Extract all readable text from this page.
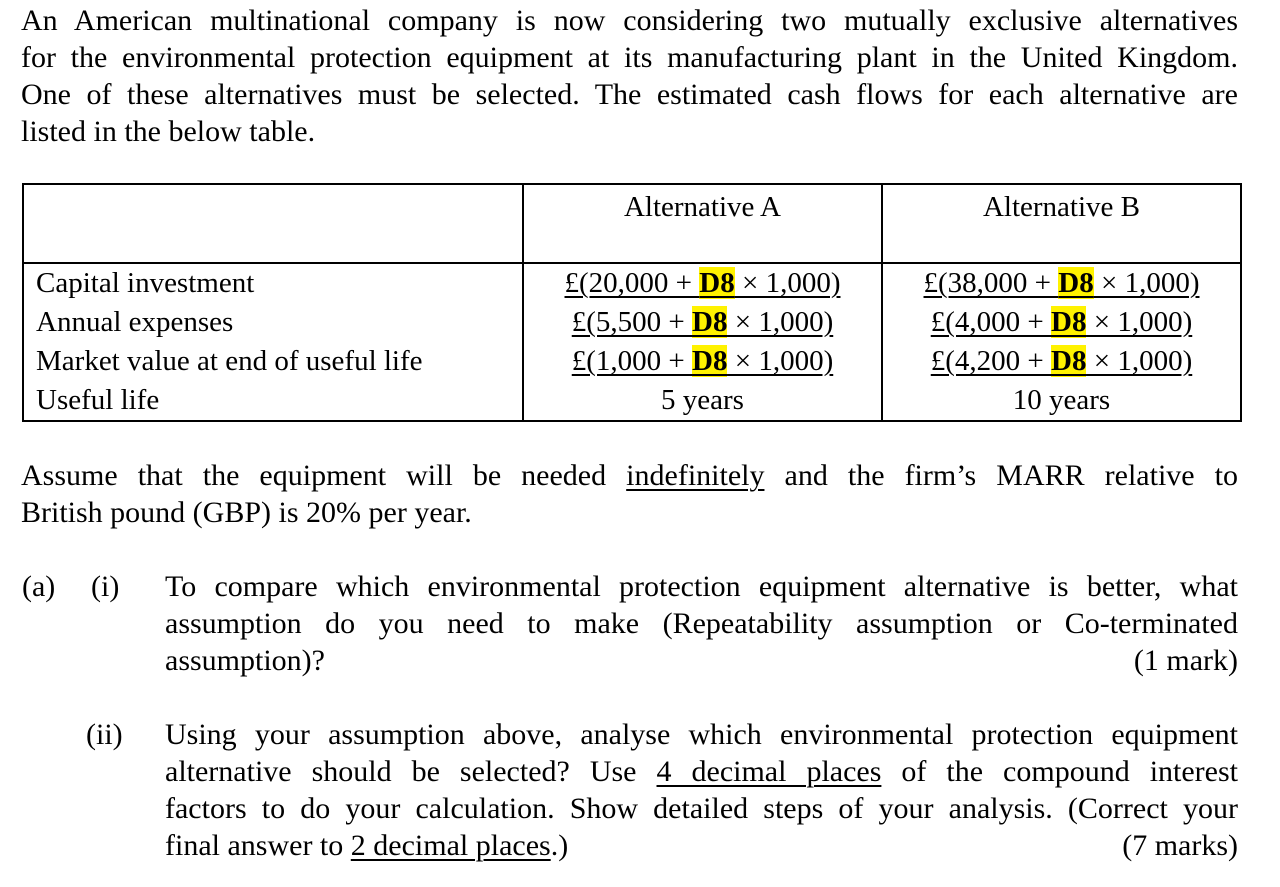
An American multinational company is now considering two mutually exclusive alternatives
for the environmental protection equipment at its manufacturing plant in the United Kingdom.
One of these alternatives must be selected. The estimated cash flows for each alternative are
listed in the below table.
	Alternative A	Alternative B
Capital investment	£(20,000 + D8 × 1,000)	£(38,000 + D8 × 1,000)
Annual expenses	£(5,500 + D8 × 1,000)	£(4,000 + D8 × 1,000)
Market value at end of useful life	£(1,000 + D8 × 1,000)	£(4,200 + D8 × 1,000)
Useful life	5 years	10 years
Assume that the equipment will be needed indefinitely and the firm’s MARR relative to
British pound (GBP) is 20% per year.
(a) (i) To compare which environmental protection equipment alternative is better, what
assumption do you need to make (Repeatability assumption or Co-terminated
assumption)?	(1 mark)
(ii) Using your assumption above, analyse which environmental protection equipment
alternative should be selected? Use 4 decimal places of the compound interest
factors to do your calculation. Show detailed steps of your analysis. (Correct your
final answer to 2 decimal places.)	(7 marks)
